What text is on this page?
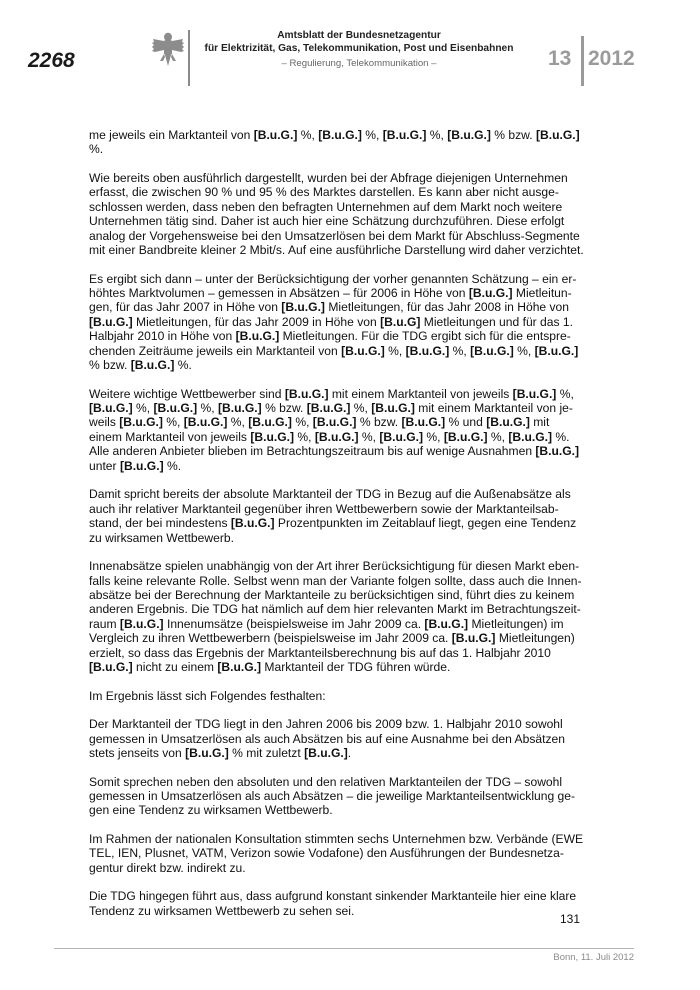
2268
Amtsblatt der Bundesnetzagentur
für Elektrizität, Gas, Telekommunikation, Post und Eisenbahnen
– Regulierung, Telekommunikation –	13 2012

me jeweils ein Marktanteil von [B.u.G.] %, [B.u.G.] %, [B.u.G.] %, [B.u.G.] % bzw. [B.u.G.] %.

Wie bereits oben ausführlich dargestellt, wurden bei der Abfrage diejenigen Unternehmen erfasst, die zwischen 90 % und 95 % des Marktes darstellen. Es kann aber nicht ausgeschlossen werden, dass neben den befragten Unternehmen auf dem Markt noch weitere Unternehmen tätig sind. Daher ist auch hier eine Schätzung durchzuführen. Diese erfolgt analog der Vorgehensweise bei den Umsatzerlösen bei dem Markt für Abschluss-Segmente mit einer Bandbreite kleiner 2 Mbit/s. Auf eine ausführliche Darstellung wird daher verzichtet.

Es ergibt sich dann – unter der Berücksichtigung der vorher genannten Schätzung – ein erhöhtes Marktvolumen – gemessen in Absätzen – für 2006 in Höhe von [B.u.G.] Mietleitungen, für das Jahr 2007 in Höhe von [B.u.G.] Mietleitungen, für das Jahr 2008 in Höhe von [B.u.G.] Mietleitungen, für das Jahr 2009 in Höhe von [B.u.G] Mietleitungen und für das 1. Halbjahr 2010 in Höhe von [B.u.G.] Mietleitungen. Für die TDG ergibt sich für die entsprechenden Zeiträume jeweils ein Marktanteil von [B.u.G.] %, [B.u.G.] %, [B.u.G.] %, [B.u.G.] % bzw. [B.u.G.] %.

Weitere wichtige Wettbewerber sind [B.u.G.] mit einem Marktanteil von jeweils [B.u.G.] %, [B.u.G.] %, [B.u.G.] %, [B.u.G.] % bzw. [B.u.G.] %, [B.u.G.] mit einem Marktanteil von jeweils [B.u.G.] %, [B.u.G.] %, [B.u.G.] %, [B.u.G.] % bzw. [B.u.G.] % und [B.u.G.] mit einem Marktanteil von jeweils [B.u.G.] %, [B.u.G.] %, [B.u.G.] %, [B.u.G.] %, [B.u.G.] %. Alle anderen Anbieter blieben im Betrachtungszeitraum bis auf wenige Ausnahmen [B.u.G.] unter [B.u.G.] %.

Damit spricht bereits der absolute Marktanteil der TDG in Bezug auf die Außenabsätze als auch ihr relativer Marktanteil gegenüber ihren Wettbewerbern sowie der Marktanteilsabstand, der bei mindestens [B.u.G.] Prozentpunkten im Zeitablauf liegt, gegen eine Tendenz zu wirksamen Wettbewerb.

Innenabsätze spielen unabhängig von der Art ihrer Berücksichtigung für diesen Markt ebenfalls keine relevante Rolle. Selbst wenn man der Variante folgen sollte, dass auch die Innenabsätze bei der Berechnung der Marktanteile zu berücksichtigen sind, führt dies zu keinem anderen Ergebnis. Die TDG hat nämlich auf dem hier relevanten Markt im Betrachtungszeitraum [B.u.G.] Innenumsätze (beispielsweise im Jahr 2009 ca. [B.u.G.] Mietleitungen) im Vergleich zu ihren Wettbewerbern (beispielsweise im Jahr 2009 ca. [B.u.G.] Mietleitungen) erzielt, so dass das Ergebnis der Marktanteilsberechnung bis auf das 1. Halbjahr 2010 [B.u.G.] nicht zu einem [B.u.G.] Marktanteil der TDG führen würde.

Im Ergebnis lässt sich Folgendes festhalten:

Der Marktanteil der TDG liegt in den Jahren 2006 bis 2009 bzw. 1. Halbjahr 2010 sowohl gemessen in Umsatzerlösen als auch Absätzen bis auf eine Ausnahme bei den Absätzen stets jenseits von [B.u.G.] % mit zuletzt [B.u.G.].

Somit sprechen neben den absoluten und den relativen Marktanteilen der TDG – sowohl gemessen in Umsatzerlösen als auch Absätzen – die jeweilige Marktanteilsentwicklung gegen eine Tendenz zu wirksamen Wettbewerb.

Im Rahmen der nationalen Konsultation stimmten sechs Unternehmen bzw. Verbände (EWE TEL, IEN, Plusnet, VATM, Verizon sowie Vodafone) den Ausführungen der Bundesnetzagentur direkt bzw. indirekt zu.

Die TDG hingegen führt aus, dass aufgrund konstant sinkender Marktanteile hier eine klare Tendenz zu wirksamen Wettbewerb zu sehen sei.

131
Bonn, 11. Juli 2012
